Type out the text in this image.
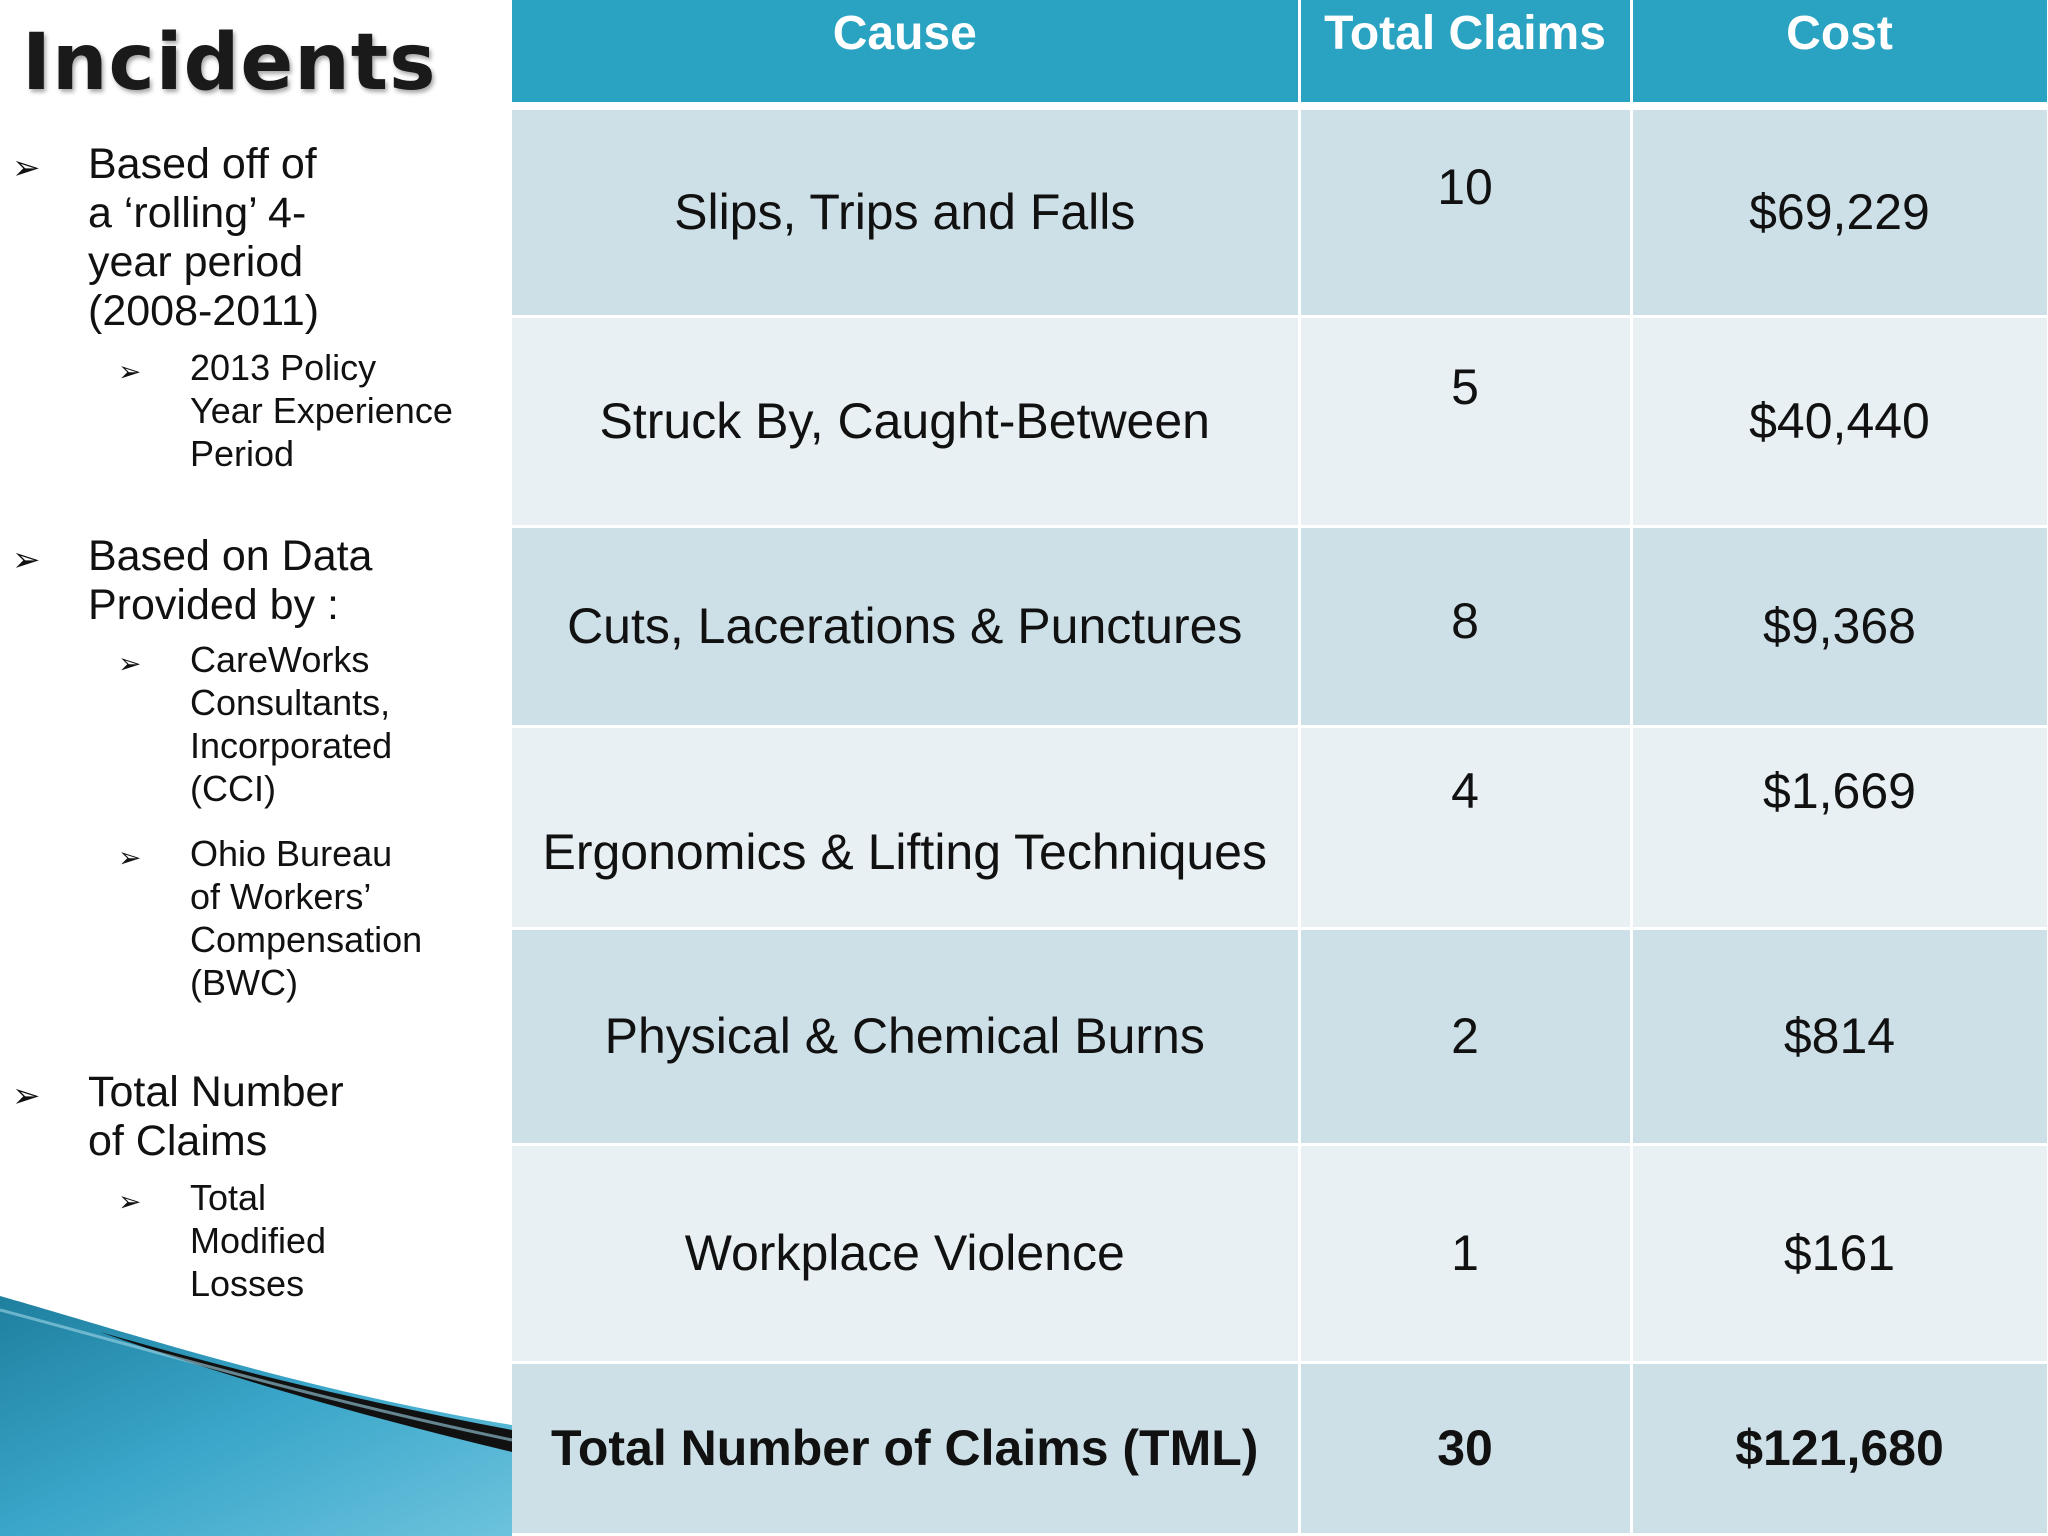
Incidents
➢ Based off of
a ‘rolling’ 4-
year period
(2008-2011)
➢ 2013 Policy
Year Experience
Period
➢ Based on Data
Provided by :
➢ CareWorks
Consultants,
Incorporated
(CCI)
➢ Ohio Bureau
of Workers’
Compensation
(BWC)
➢ Total Number
of Claims
➢ Total
Modified
Losses
Cause	Total Claims	Cost
Slips, Trips and Falls	10	$69,229
Struck By, Caught-Between	5	$40,440
Cuts, Lacerations & Punctures	8	$9,368
Ergonomics & Lifting Techniques	4	$1,669
Physical & Chemical Burns	2	$814
Workplace Violence	1	$161
Total Number of Claims (TML)	30	$121,680
